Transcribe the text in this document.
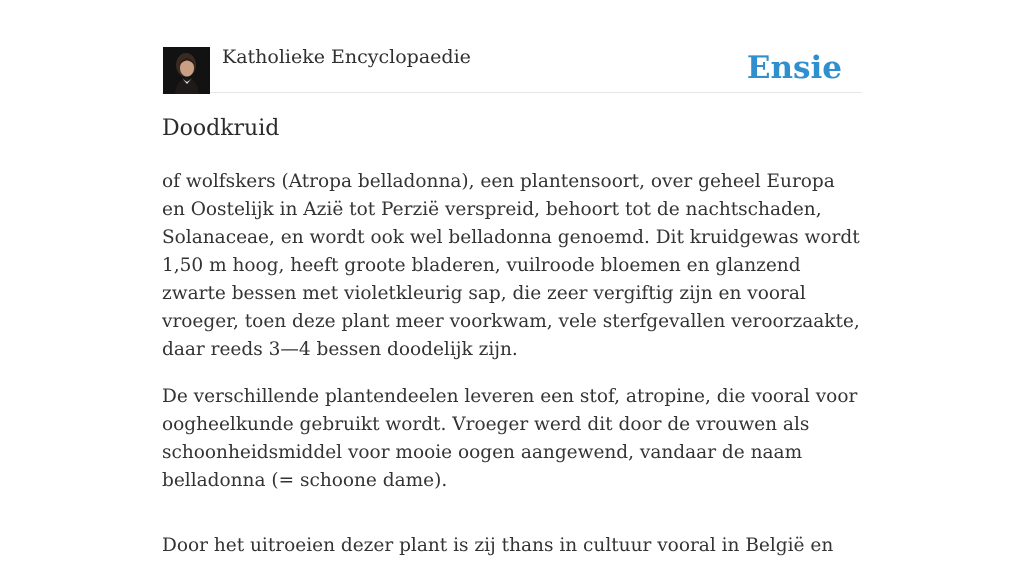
Katholieke Encyclopaedie	Ensie
Doodkruid

of wolfskers (Atropa belladonna), een plantensoort, over geheel Europa en Oostelijk in Azië tot Perzië verspreid, behoort tot de nachtschaden, Solanaceae, en wordt ook wel belladonna genoemd. Dit kruidgewas wordt 1,50 m hoog, heeft groote bladeren, vuilroode bloemen en glanzend zwarte bessen met violetkleurig sap, die zeer vergiftig zijn en vooral vroeger, toen deze plant meer voorkwam, vele sterfgevallen veroorzaakte, daar reeds 3—4 bessen doodelijk zijn.

De verschillende plantendeelen leveren een stof, atropine, die vooral voor oogheelkunde gebruikt wordt. Vroeger werd dit door de vrouwen als schoonheidsmiddel voor mooie oogen aangewend, vandaar de naam belladonna (= schoone dame).

Door het uitroeien dezer plant is zij thans in cultuur vooral in België en
